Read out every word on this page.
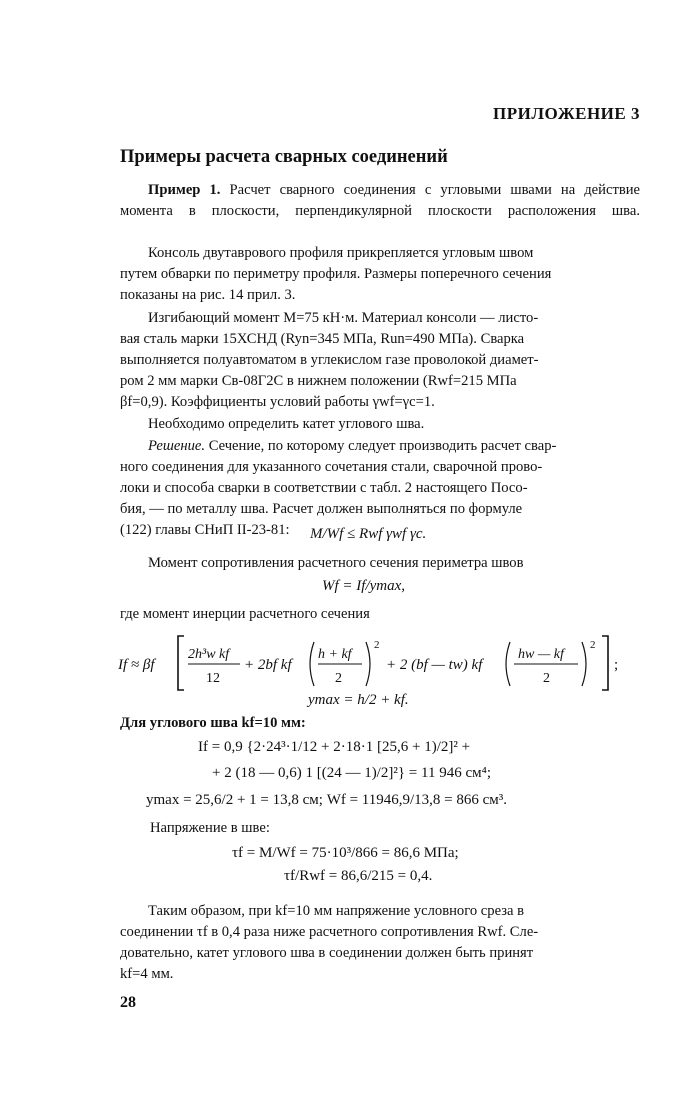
ПРИЛОЖЕНИЕ 3
Примеры расчета сварных соединений
Пример 1. Расчет сварного соединения с угловыми швами на действие момента в плоскости, перпендикулярной плоскости расположения шва.
Консоль двутаврового профиля прикрепляется угловым швом
путем обварки по периметру профиля. Размеры поперечного сечения
показаны на рис. 14 прил. 3.
Изгибающий момент M=75 кН·м. Материал консоли — листо-
вая сталь марки 15ХСНД (Ryn=345 МПа, Run=490 МПа). Сварка
выполняется полуавтоматом в углекислом газе проволокой диамет-
ром 2 мм марки Св-08Г2С в нижнем положении (Rwf=215 МПа
βf=0,9). Коэффициенты условий работы γwf=γc=1.
Необходимо определить катет углового шва.
Решение. Сечение, по которому следует производить расчет свар-
ного соединения для указанного сочетания стали, сварочной прово-
локи и способа сварки в соответствии с табл. 2 настоящего Посо-
бия, — по металлу шва. Расчет должен выполняться по формуле
(122) главы СНиП II-23-81: M/Wf ≤ Rwf γwf γc.
Момент сопротивления расчетного сечения периметра швов
Wf = If/ymax,
где момент инерции расчетного сечения
If ≈ βf
2h³w kf
12
+ 2bf kf
h + kf
2
2
+ 2 (bf — tw) kf
hw — kf
2
2
;
ymax = h/2 + kf.
Для углового шва kf=10 мм:
If = 0,9 {2·24³·1/12 + 2·18·1 [25,6 + 1)/2]² +
+ 2 (18 — 0,6) 1 [(24 — 1)/2]²} = 11 946 см⁴;
ymax = 25,6/2 + 1 = 13,8 см; Wf = 11946,9/13,8 = 866 см³.
Напряжение в шве:
τf = M/Wf = 75·10³/866 = 86,6 МПа;
τf/Rwf = 86,6/215 = 0,4.
Таким образом, при kf=10 мм напряжение условного среза в
соединении τf в 0,4 раза ниже расчетного сопротивления Rwf. Сле-
довательно, катет углового шва в соединении должен быть принят
kf=4 мм.
28
